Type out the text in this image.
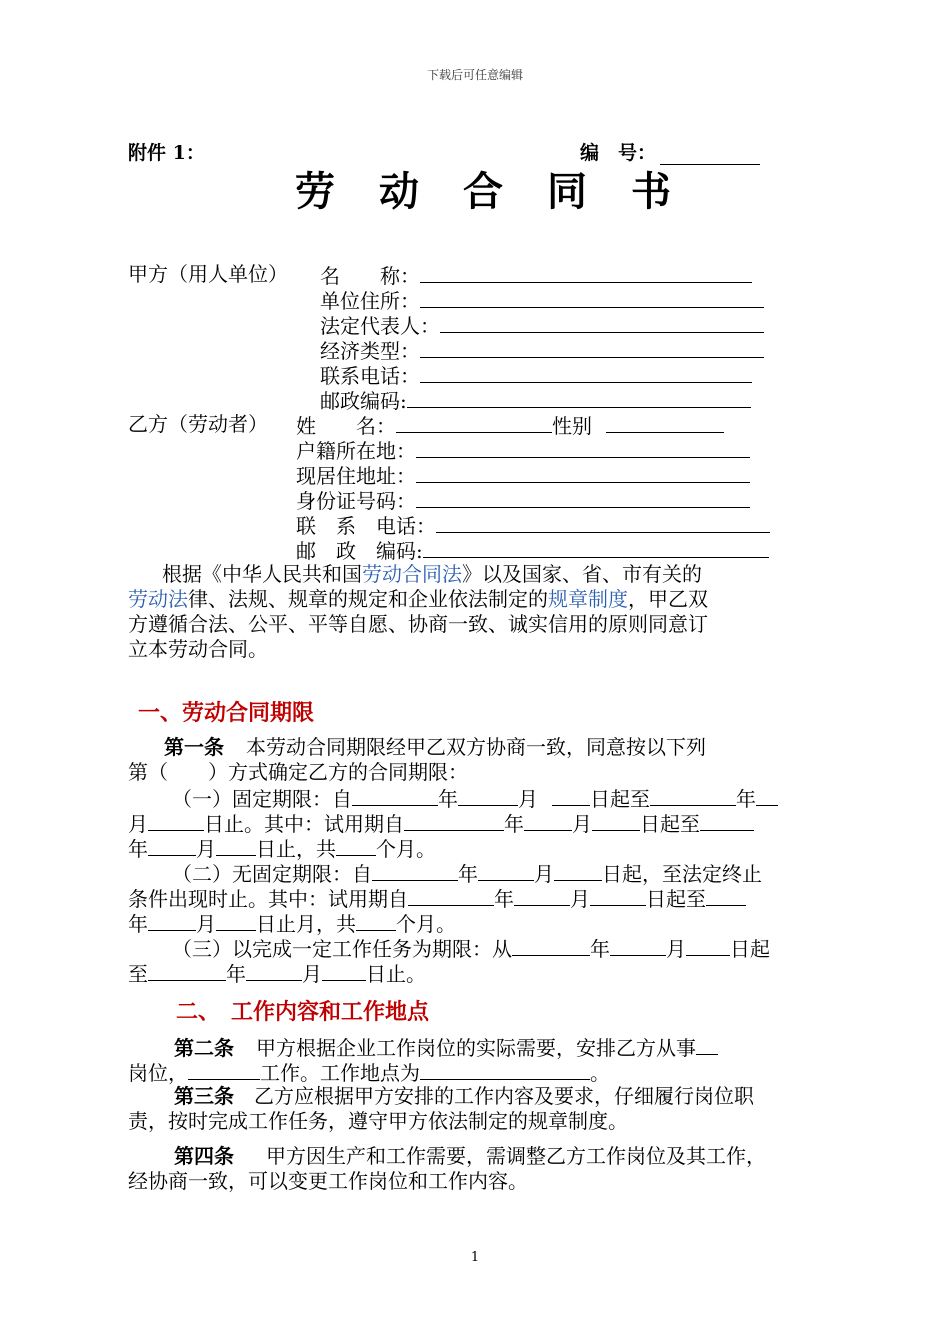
下载后可任意编辑
附件 1：	编　号：
劳动合同书
甲方（用人单位） 名　　称：
单位住所：
法定代表人：
经济类型：
联系电话：
邮政编码:
乙方（劳动者） 姓　　名：	性别
户籍所在地：
现居住地址：
身份证号码：
联　系　电话：
邮　政　编码:
根据《中华人民共和国劳动合同法》以及国家、省、市有关的
劳动法律、法规、规章的规定和企业依法制定的规章制度，甲乙双
方遵循合法、公平、平等自愿、协商一致、诚实信用的原则同意订
立本劳动合同。
一、劳动合同期限
第一条 本劳动合同期限经甲乙双方协商一致，同意按以下列
第（　　）方式确定乙方的合同期限：
（一）固定期限：自	年	月	日起至	年
月	日止。其中：试用期自	年 月 日起至
年 月 日止，共 个月。
（二）无固定期限：自	年	月 日起，至法定终止
条件出现时止。其中：试用期自	年	月	日起至
年 月 日止月，共 个月。
（三）以完成一定工作任务为期限：从	年	月 日起
至	年	月 日止。
二、　工作内容和工作地点
第二条 甲方根据企业工作岗位的实际需要，安排乙方从事
岗位，	工作。工作地点为	。
第三条 乙方应根据甲方安排的工作内容及要求，仔细履行岗位职
责，按时完成工作任务，遵守甲方依法制定的规章制度。
第四条 甲方因生产和工作需要，需调整乙方工作岗位及其工作，
经协商一致，可以变更工作岗位和工作内容。
1
